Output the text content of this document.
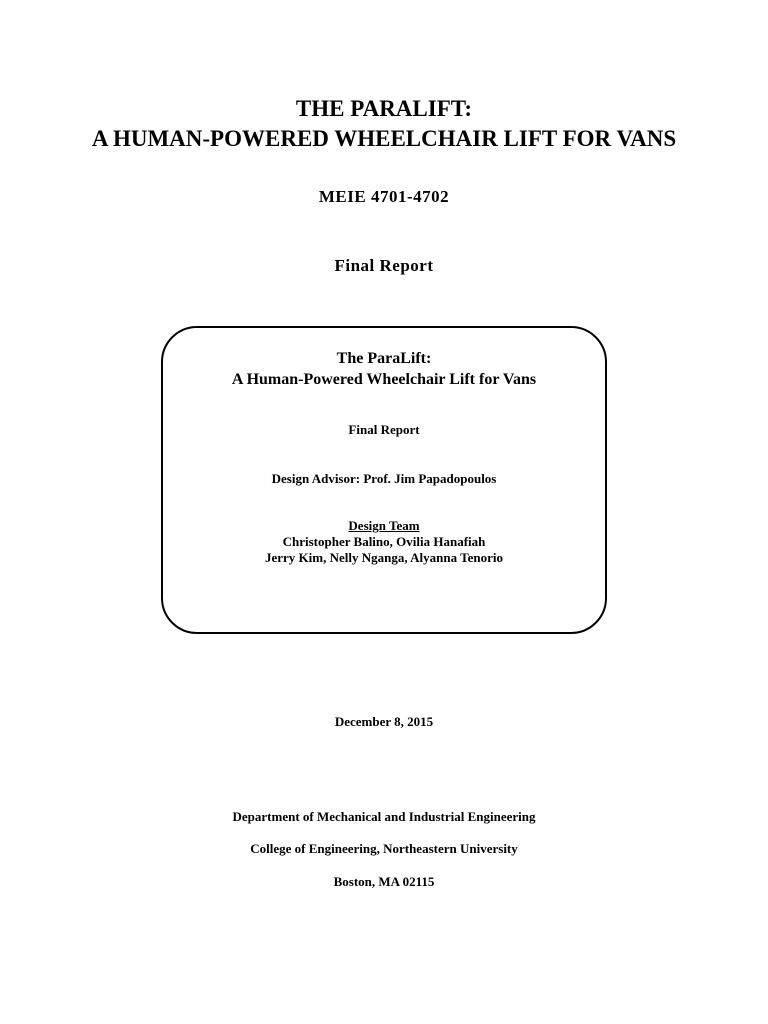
THE PARALIFT:
A HUMAN-POWERED WHEELCHAIR LIFT FOR VANS
MEIE 4701-4702
Final Report
The ParaLift:
A Human-Powered Wheelchair Lift for Vans
Final Report
Design Advisor: Prof. Jim Papadopoulos
Design Team
Christopher Balino, Ovilia Hanafiah
Jerry Kim, Nelly Nganga, Alyanna Tenorio
December 8, 2015
Department of Mechanical and Industrial Engineering
College of Engineering, Northeastern University
Boston, MA 02115
